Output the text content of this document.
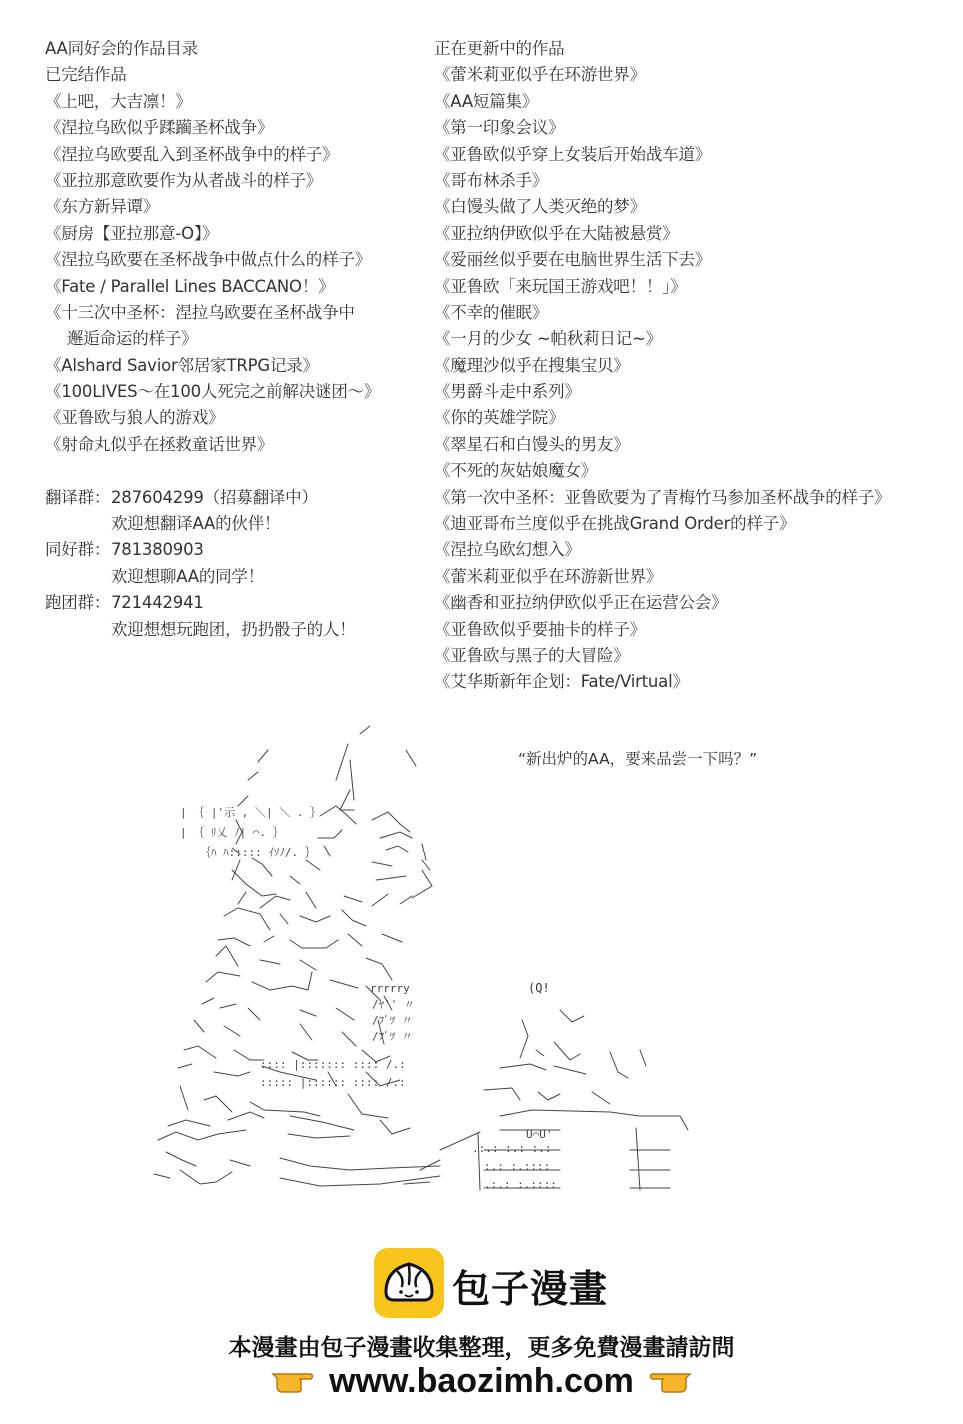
AA同好会的作品目录
已完结作品
《上吧，大吉凛！》
《涅拉乌欧似乎蹂躏圣杯战争》
《涅拉乌欧要乱入到圣杯战争中的样子》
《亚拉那意欧要作为从者战斗的样子》
《东方新异谭》
《厨房【亚拉那意-O】》
《涅拉乌欧要在圣杯战争中做点什么的样子》
《Fate / Parallel Lines BACCANO！》
《十三次中圣杯：涅拉乌欧要在圣杯战争中
邂逅命运的样子》
《Alshard Savior邻居家TRPG记录》
《100LIVES～在100人死完之前解决谜团～》
《亚鲁欧与狼人的游戏》
《射命丸似乎在拯救童话世界》
翻译群： 287604299（招募翻译中）
欢迎想翻译AA的伙伴！
同好群： 781380903
欢迎想聊AA的同学！
跑团群： 721442941
欢迎想想玩跑团，扔扔骰子的人！
正在更新中的作品
《蕾米莉亚似乎在环游世界》
《AA短篇集》
《第一印象会议》
《亚鲁欧似乎穿上女装后开始战车道》
《哥布林杀手》
《白馒头做了人类灭绝的梦》
《亚拉纳伊欧似乎在大陆被悬赏》
《爱丽丝似乎要在电脑世界生活下去》
《亚鲁欧「来玩国王游戏吧！！」》
《不幸的催眠》
《一月的少女 ~帕秋莉日记~》
《魔理沙似乎在搜集宝贝》
《男爵斗走中系列》
《你的英雄学院》
《翠星石和白馒头的男友》
《不死的灰姑娘魔女》
《第一次中圣杯：亚鲁欧要为了青梅竹马参加圣杯战争的样子》
《迪亚哥布兰度似乎在挑战Grand Order的样子》
《涅拉乌欧幻想入》
《蕾米莉亚似乎在环游新世界》
《幽香和亚拉纳伊欧似乎正在运营公会》
《亚鲁欧似乎要抽卡的样子》
《亚鲁欧与黑子的大冒险》
《艾华斯新年企划：Fate/Virtual》
| ｛ |'示 , ＼| ＼ . ｝
| ｛ ﾘ乂 ﾉ| ⌒. ｝
｛ﾊ ﾊ::::: ｲｿﾉ/. ｝
rrrrry
/ﾔ'' 〃
/ﾌﾞﾂ 〃
/ﾌﾞﾂ 〃
:::: |::::::: :::: /.:
::::: |:::::: :::: /.:
U⌒U'
.:.: :.: :.:
:.: :.::::
.:.: :.::::
(Q!
“新出炉的AA，要来品尝一下吗？”
包子漫畫
本漫畫由包子漫畫收集整理，更多免費漫畫請訪問
www.baozimh.com
